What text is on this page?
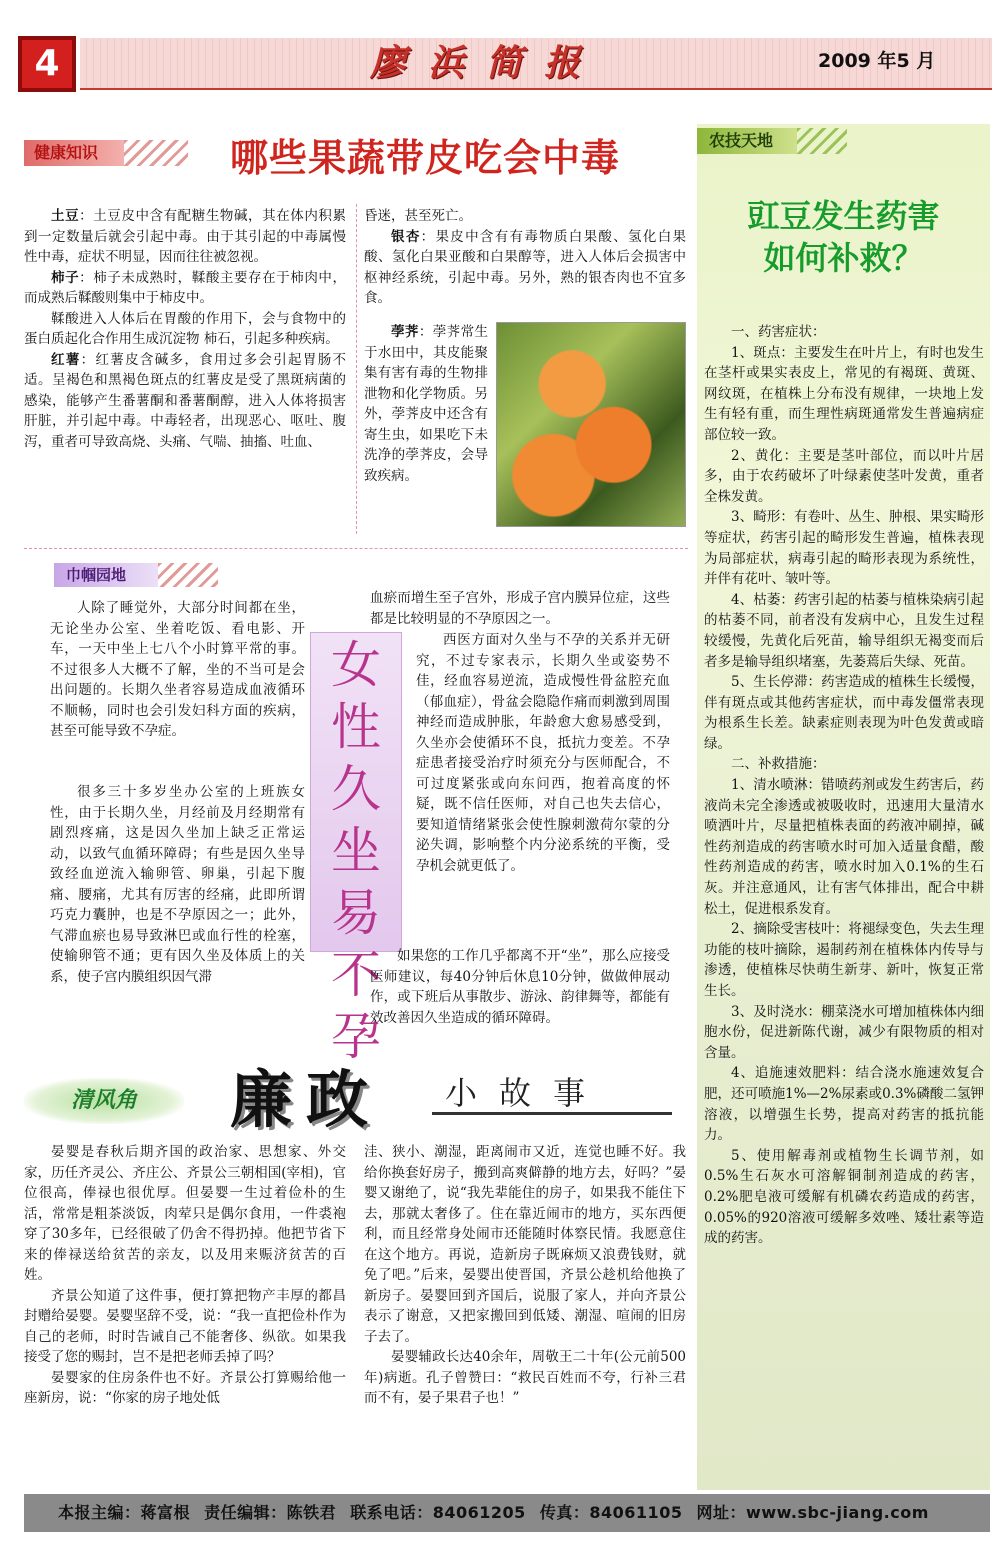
4	廖浜简报	2009 年5 月
健康知识	哪些果蔬带皮吃会中毒

土豆：土豆皮中含有配糖生物碱，其在体内积累到一定数量后就会引起中毒。由于其引起的中毒属慢性中毒，症状不明显，因而往往被忽视。

柿子：柿子未成熟时，鞣酸主要存在于柿肉中，而成熟后鞣酸则集中于柿皮中。

鞣酸进入人体后在胃酸的作用下，会与食物中的蛋白质起化合作用生成沉淀物 柿石，引起多种疾病。

红薯：红薯皮含碱多，食用过多会引起胃肠不适。呈褐色和黑褐色斑点的红薯皮是受了黑斑病菌的感染，能够产生番薯酮和番薯酮醇，进入人体将损害肝脏，并引起中毒。中毒轻者，出现恶心、呕吐、腹泻，重者可导致高烧、头痛、气喘、抽搐、吐血、

昏迷，甚至死亡。

银杏：果皮中含有有毒物质白果酸、氢化白果酸、氢化白果亚酸和白果醇等，进入人体后会损害中枢神经系统，引起中毒。另外，熟的银杏肉也不宜多食。

荸荠：荸荠常生于水田中，其皮能聚集有害有毒的生物排泄物和化学物质。另外，荸荠皮中还含有寄生虫，如果吃下未洗净的荸荠皮，会导致疾病。

巾帼园地

人除了睡觉外，大部分时间都在坐，无论坐办公室、坐着吃饭、看电影、开车，一天中坐上七八个小时算平常的事。不过很多人大概不了解，坐的不当可是会出问题的。长期久坐者容易造成血液循环不顺畅，同时也会引发妇科方面的疾病，甚至可能导致不孕症。

很多三十多岁坐办公室的上班族女性，由于长期久坐，月经前及月经期常有剧烈疼痛，这是因久坐加上缺乏正常运动，以致气血循环障碍；有些是因久坐导致经血逆流入输卵管、卵巢，引起下腹痛、腰痛，尤其有厉害的经痛，此即所谓巧克力囊肿，也是不孕原因之一；此外，气滞血瘀也易导致淋巴或血行性的栓塞，使输卵管不通；更有因久坐及体质上的关系，使子宫内膜组织因气滞

女性久坐易不孕
血瘀而增生至子宫外，形成子宫内膜异位症，这些都是比较明显的不孕原因之一。

西医方面对久坐与不孕的关系并无研究，不过专家表示，长期久坐或姿势不佳，经血容易逆流，造成慢性骨盆腔充血（郁血症），骨盆会隐隐作痛而刺激到周围神经而造成肿胀，年龄愈大愈易感受到，久坐亦会使循环不良，抵抗力变差。不孕症患者接受治疗时须充分与医师配合，不可过度紧张或向东问西，抱着高度的怀疑，既不信任医师，对自己也失去信心，要知道情绪紧张会使性腺刺激荷尔蒙的分泌失调，影响整个内分泌系统的平衡，受孕机会就更低了。

如果您的工作几乎都离不开“坐”，那么应接受医师建议，每40分钟后休息10分钟，做做伸展动作，或下班后从事散步、游泳、韵律舞等，都能有效改善因久坐造成的循环障碍。

清风角	廉政 小故事

晏婴是春秋后期齐国的政治家、思想家、外交家，历任齐灵公、齐庄公、齐景公三朝相国(宰相)，官位很高，俸禄也很优厚。但晏婴一生过着俭朴的生活，常常是粗茶淡饭，肉荤只是偶尔食用，一件裘袍穿了30多年，已经很破了仍舍不得扔掉。他把节省下来的俸禄送给贫苦的亲友，以及用来赈济贫苦的百姓。

齐景公知道了这件事，便打算把物产丰厚的都昌封赠给晏婴。晏婴坚辞不受，说：“我一直把俭朴作为自己的老师，时时告诫自己不能奢侈、纵欲。如果我接受了您的赐封，岂不是把老师丢掉了吗？

晏婴家的住房条件也不好。齐景公打算赐给他一座新房，说：“你家的房子地处低

洼、狭小、潮湿，距离闹市又近，连觉也睡不好。我给你换套好房子，搬到高爽僻静的地方去，好吗？”晏婴又谢绝了，说“我先辈能住的房子，如果我不能住下去，那就太奢侈了。住在靠近闹市的地方，买东西便利，而且经常身处闹市还能随时体察民情。我愿意住在这个地方。再说，造新房子既麻烦又浪费钱财，就免了吧。”后来，晏婴出使晋国，齐景公趁机给他换了新房子。晏婴回到齐国后，说服了家人，并向齐景公表示了谢意，又把家搬回到低矮、潮湿、喧闹的旧房子去了。

晏婴辅政长达40余年，周敬王二十年(公元前500年)病逝。孔子曾赞曰：“救民百姓而不夸，行补三君而不有，晏子果君子也！”

农技天地
豇豆发生药害
如何补救？

一、药害症状：

1、斑点：主要发生在叶片上，有时也发生在茎杆或果实表皮上，常见的有褐斑、黄斑、网纹斑，在植株上分布没有规律，一块地上发生有轻有重，而生理性病斑通常发生普遍病症部位较一致。

2、黄化：主要是茎叶部位，而以叶片居多，由于农药破坏了叶绿素使茎叶发黄，重者全株发黄。

3、畸形：有卷叶、丛生、肿根、果实畸形等症状，药害引起的畸形发生普遍，植株表现为局部症状，病毒引起的畸形表现为系统性，并伴有花叶、皱叶等。

4、枯萎：药害引起的枯萎与植株染病引起的枯萎不同，前者没有发病中心，且发生过程较缓慢，先黄化后死苗，输导组织无褐变而后者多是输导组织堵塞，先萎蔫后失绿、死苗。

5、生长停滞：药害造成的植株生长缓慢，伴有斑点或其他药害症状，而中毒发僵常表现为根系生长差。缺素症则表现为叶色发黄或暗绿。

二、补救措施：

1、清水喷淋：错喷药剂或发生药害后，药液尚未完全渗透或被吸收时，迅速用大量清水喷洒叶片，尽量把植株表面的药液冲刷掉，碱性药剂造成的药害喷水时可加入适量食醋，酸性药剂造成的药害，喷水时加入0.1%的生石灰。并注意通风，让有害气体排出，配合中耕松土，促进根系发育。

2、摘除受害枝叶：将褪绿变色，失去生理功能的枝叶摘除，遏制药剂在植株体内传导与渗透，使植株尽快萌生新芽、新叶，恢复正常生长。

3、及时浇水：棚菜浇水可增加植株体内细胞水份，促进新陈代谢，减少有限物质的相对含量。

4、追施速效肥料：结合浇水施速效复合肥，还可喷施1%—2%尿素或0.3%磷酸二氢钾溶液，以增强生长势，提高对药害的抵抗能力。

5、使用解毒剂或植物生长调节剂，如0.5%生石灰水可溶解铜制剂造成的药害，0.2%肥皂液可缓解有机磷农药造成的药害，0.05%的920溶液可缓解多效唑、矮壮素等造成的药害。

本报主编：蒋富根 责任编辑：陈铁君 联系电话：84061205 传真：84061105 网址：www.sbc-jiang.com
